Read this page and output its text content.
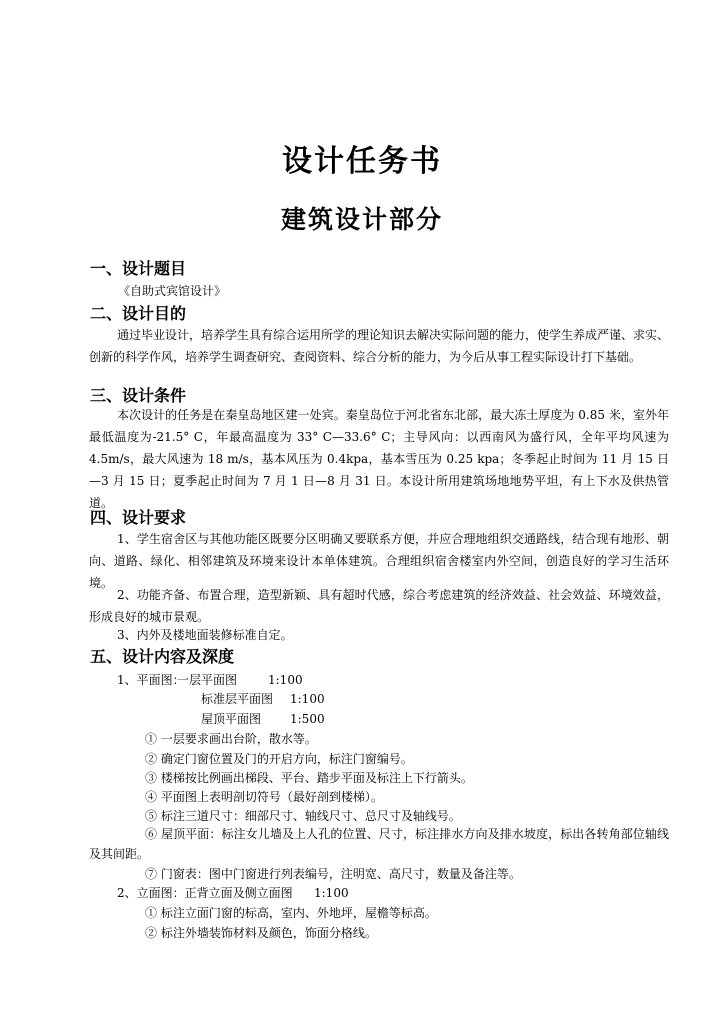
设计任务书
建筑设计部分
一、设计题目
《自助式宾馆设计》
二、设计目的
通过毕业设计，培养学生具有综合运用所学的理论知识去解决实际问题的能力，使学生养成严谨、求实、创新的科学作风，培养学生调查研究、查阅资料、综合分析的能力，为今后从事工程实际设计打下基础。
三、设计条件
本次设计的任务是在秦皇岛地区建一处宾。秦皇岛位于河北省东北部，最大冻土厚度为 0.85 米，室外年最低温度为-21.5° C，年最高温度为 33° C—33.6° C；主导风向：以西南风为盛行风，全年平均风速为 4.5m/s，最大风速为 18 m/s，基本风压为 0.4kpa，基本雪压为 0.25 kpa；冬季起止时间为 11 月 15 日—3 月 15 日；夏季起止时间为 7 月 1 日—8 月 31 日。本设计所用建筑场地地势平坦，有上下水及供热管道。
四、设计要求
1、学生宿舍区与其他功能区既要分区明确又要联系方便，并应合理地组织交通路线，结合现有地形、朝向、道路、绿化、相邻建筑及环境来设计本单体建筑。合理组织宿舍楼室内外空间，创造良好的学习生活环境。
2、功能齐备、布置合理，造型新颖、具有超时代感，综合考虑建筑的经济效益、社会效益、环境效益，形成良好的城市景观。
3、内外及楼地面装修标准自定。
五、设计内容及深度
1、平面图：
一层平面图	1:100
标准层平面图 1:100
屋顶平面图 1:500
① 一层要求画出台阶，散水等。
② 确定门窗位置及门的开启方向，标注门窗编号。
③ 楼梯按比例画出梯段、平台、踏步平面及标注上下行箭头。
④ 平面图上表明剖切符号（最好剖到楼梯）。
⑤ 标注三道尺寸：细部尺寸、轴线尺寸、总尺寸及轴线号。
⑥ 屋顶平面：标注女儿墙及上人孔的位置、尺寸，标注排水方向及排水坡度，标出各转角部位轴线及其间距。
⑦ 门窗表：图中门窗进行列表编号，注明宽、高尺寸，数量及备注等。
2、立面图：正背立面及侧立面图 1:100
① 标注立面门窗的标高，室内、外地坪，屋檐等标高。
② 标注外墙装饰材料及颜色，饰面分格线。
